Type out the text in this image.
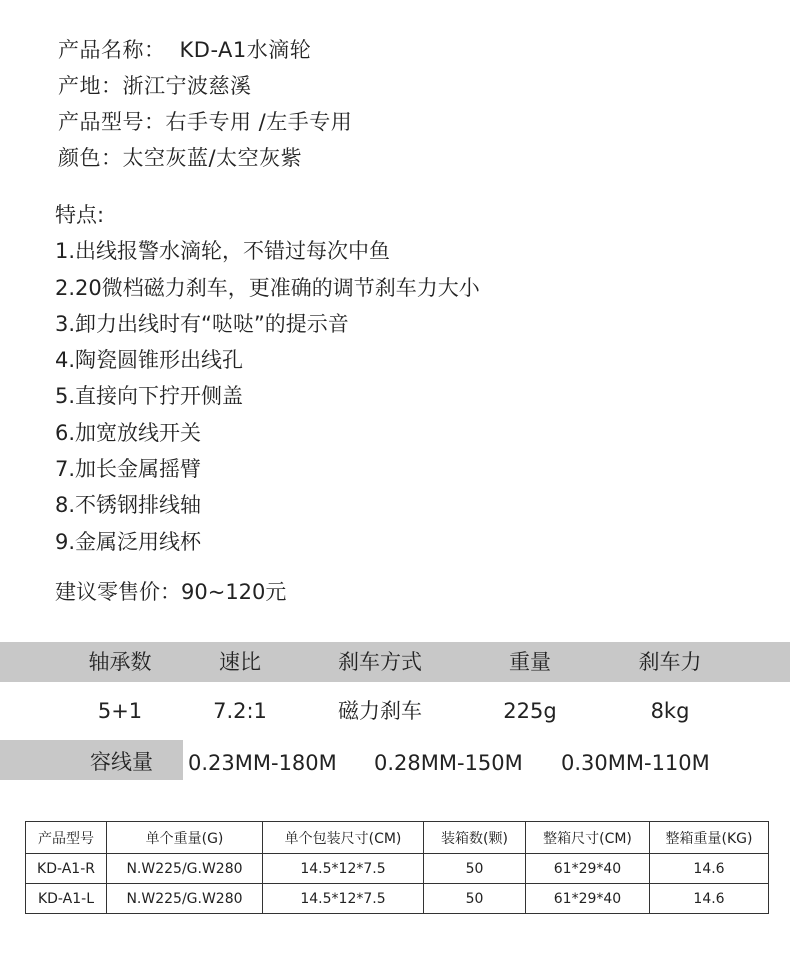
产品名称： KD-A1水滴轮
产地：浙江宁波慈溪
产品型号：右手专用 /左手专用
颜色：太空灰蓝/太空灰紫
特点:
1.出线报警水滴轮，不错过每次中鱼
2.20微档磁力刹车，更准确的调节刹车力大小
3.卸力出线时有“哒哒”的提示音
4.陶瓷圆锥形出线孔
5.直接向下拧开侧盖
6.加宽放线开关
7.加长金属摇臂
8.不锈钢排线轴
9.金属泛用线杯
建议零售价：90~120元
轴承数	速比	刹车方式	重量	刹车力
5+1	7.2:1	磁力刹车	225g	8kg
容线量	0.23MM-180M 0.28MM-150M 0.30MM-110M
产品型号	单个重量(G)	单个包装尺寸(CM)	装箱数(颗)	整箱尺寸(CM)	整箱重量(KG)
KD-A1-R	N.W225/G.W280	14.5*12*7.5	50	61*29*40	14.6
KD-A1-L	N.W225/G.W280	14.5*12*7.5	50	61*29*40	14.6
